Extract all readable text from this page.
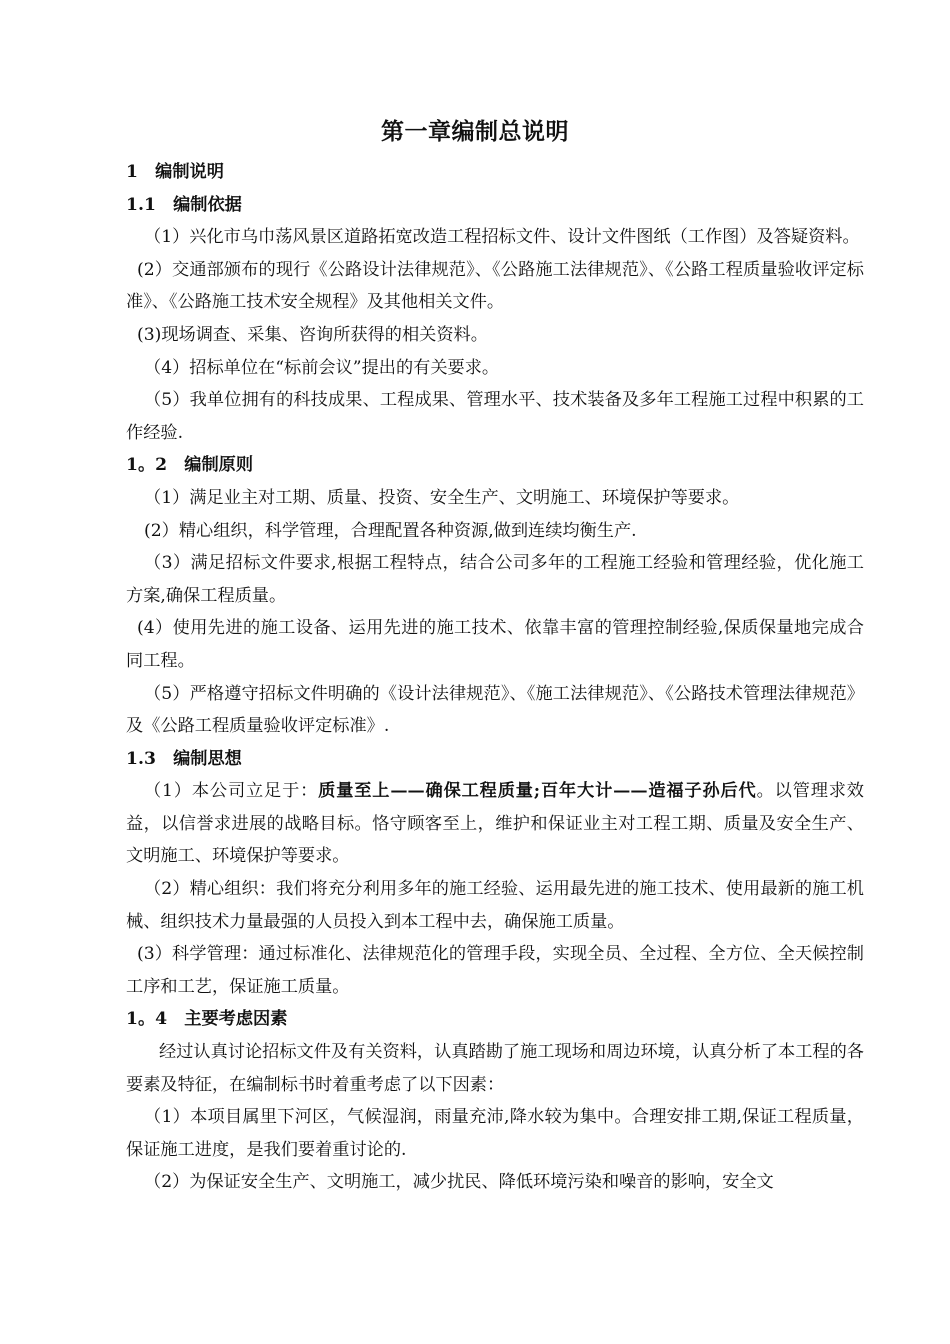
第一章编制总说明

1　编制说明

1.1　编制依据

（1）兴化市乌巾荡风景区道路拓宽改造工程招标文件、设计文件图纸（工作图）及答疑资料。

(2）交通部颁布的现行《公路设计法律规范》、《公路施工法律规范》、《公路工程质量验收评定标准》、《公路施工技术安全规程》及其他相关文件。

(3)现场调查、采集、咨询所获得的相关资料。

（4）招标单位在“标前会议”提出的有关要求。

（5）我单位拥有的科技成果、工程成果、管理水平、技术装备及多年工程施工过程中积累的工作经验.

1。2　编制原则

（1）满足业主对工期、质量、投资、安全生产、文明施工、环境保护等要求。

(2）精心组织，科学管理，合理配置各种资源,做到连续均衡生产.

（3）满足招标文件要求,根据工程特点，结合公司多年的工程施工经验和管理经验，优化施工方案,确保工程质量。

(4）使用先进的施工设备、运用先进的施工技术、依靠丰富的管理控制经验,保质保量地完成合同工程。

（5）严格遵守招标文件明确的《设计法律规范》、《施工法律规范》、《公路技术管理法律规范》及《公路工程质量验收评定标准》.

1.3　编制思想

（1）本公司立足于：质量至上——确保工程质量;百年大计——造福子孙后代。以管理求效益，以信誉求进展的战略目标。恪守顾客至上，维护和保证业主对工程工期、质量及安全生产、文明施工、环境保护等要求。

（2）精心组织：我们将充分利用多年的施工经验、运用最先进的施工技术、使用最新的施工机械、组织技术力量最强的人员投入到本工程中去，确保施工质量。

(3）科学管理：通过标准化、法律规范化的管理手段，实现全员、全过程、全方位、全天候控制工序和工艺，保证施工质量。

1。4　主要考虑因素

经过认真讨论招标文件及有关资料，认真踏勘了施工现场和周边环境，认真分析了本工程的各要素及特征，在编制标书时着重考虑了以下因素：

（1）本项目属里下河区，气候湿润，雨量充沛,降水较为集中。合理安排工期,保证工程质量，保证施工进度，是我们要着重讨论的.

（2）为保证安全生产、文明施工，减少扰民、降低环境污染和噪音的影响，安全文
